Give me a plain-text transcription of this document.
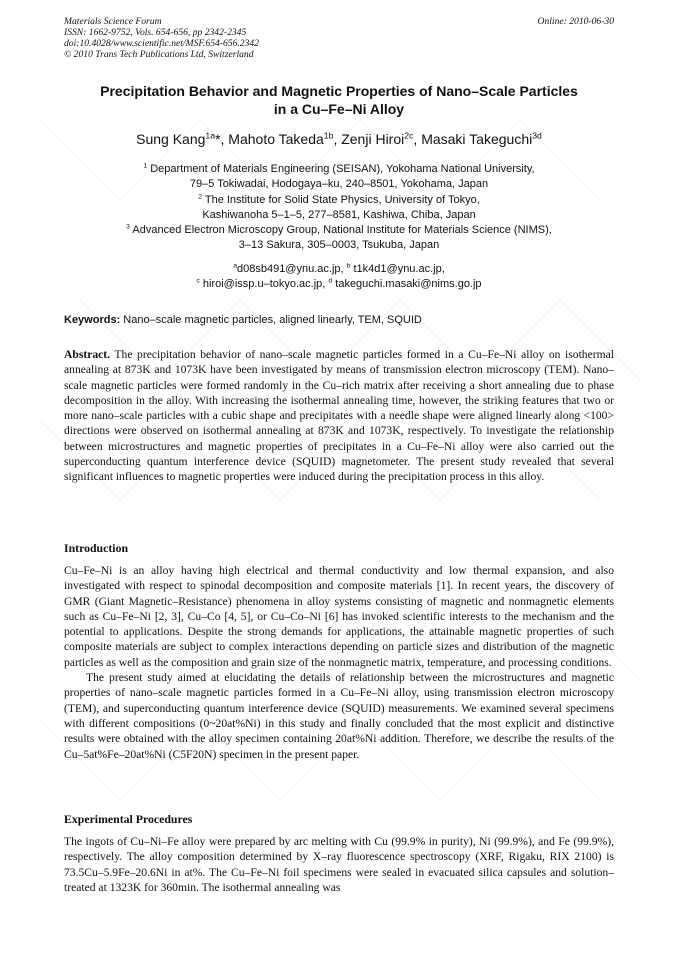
Materials Science Forum
ISSN: 1662-9752, Vols. 654-656, pp 2342-2345
doi:10.4028/www.scientific.net/MSF.654-656.2342
© 2010 Trans Tech Publications Ltd, Switzerland
Online: 2010-06-30
Precipitation Behavior and Magnetic Properties of Nano–Scale Particles
in a Cu–Fe–Ni Alloy
Sung Kang$^{1a}$*, Mahoto Takeda$^{1b}$, Zenji Hiroi$^{2c}$, Masaki Takeguchi$^{3d}$
$^1$ Department of Materials Engineering (SEISAN), Yokohama National University,
79–5 Tokiwadai, Hodogaya–ku, 240–8501, Yokohama, Japan
$^2$ The Institute for Solid State Physics, University of Tokyo,
Kashiwanoha 5–1–5, 277–8581, Kashiwa, Chiba, Japan
$^3$ Advanced Electron Microscopy Group, National Institute for Materials Science (NIMS),
3–13 Sakura, 305–0003, Tsukuba, Japan
$^a$d08sb491@ynu.ac.jp, $^b$ t1k4d1@ynu.ac.jp,
$^c$ hiroi@issp.u–tokyo.ac.jp, $^d$ takeguchi.masaki@nims.go.jp
Keywords: Nano–scale magnetic particles, aligned linearly, TEM, SQUID
Abstract. The precipitation behavior of nano–scale magnetic particles formed in a Cu–Fe–Ni alloy on isothermal annealing at 873K and 1073K have been investigated by means of transmission electron microscopy (TEM). Nano–scale magnetic particles were formed randomly in the Cu–rich matrix after receiving a short annealing due to phase decomposition in the alloy. With increasing the isothermal annealing time, however, the striking features that two or more nano–scale particles with a cubic shape and precipitates with a needle shape were aligned linearly along <100> directions were observed on isothermal annealing at 873K and 1073K, respectively. To investigate the relationship between microstructures and magnetic properties of precipitates in a Cu–Fe–Ni alloy were also carried out the superconducting quantum interference device (SQUID) magnetometer. The present study revealed that several significant influences to magnetic properties were induced during the precipitation process in this alloy.
Introduction

Cu–Fe–Ni is an alloy having high electrical and thermal conductivity and low thermal expansion, and also investigated with respect to spinodal decomposition and composite materials [1]. In recent years, the discovery of GMR (Giant Magnetic–Resistance) phenomena in alloy systems consisting of magnetic and nonmagnetic elements such as Cu–Fe–Ni [2, 3], Cu–Co [4, 5], or Cu–Co–Ni [6] has invoked scientific interests to the mechanism and the potential to applications. Despite the strong demands for applications, the attainable magnetic properties of such composite materials are subject to complex interactions depending on particle sizes and distribution of the magnetic particles as well as the composition and grain size of the nonmagnetic matrix, temperature, and processing conditions.

The present study aimed at elucidating the details of relationship between the microstructures and magnetic properties of nano–scale magnetic particles formed in a Cu–Fe–Ni alloy, using transmission electron microscopy (TEM), and superconducting quantum interference device (SQUID) measurements. We examined several specimens with different compositions (0~20at%Ni) in this study and finally concluded that the most explicit and distinctive results were obtained with the alloy specimen containing 20at%Ni addition. Therefore, we describe the results of the Cu–5at%Fe–20at%Ni (C5F20N) specimen in the present paper.

Experimental Procedures

The ingots of Cu–Ni–Fe alloy were prepared by arc melting with Cu (99.9% in purity), Ni (99.9%), and Fe (99.9%), respectively. The alloy composition determined by X–ray fluorescence spectroscopy (XRF, Rigaku, RIX 2100) is 73.5Cu–5.9Fe–20.6Ni in at%. The Cu–Fe–Ni foil specimens were sealed in evacuated silica capsules and solution–treated at 1323K for 360min. The isothermal annealing was
